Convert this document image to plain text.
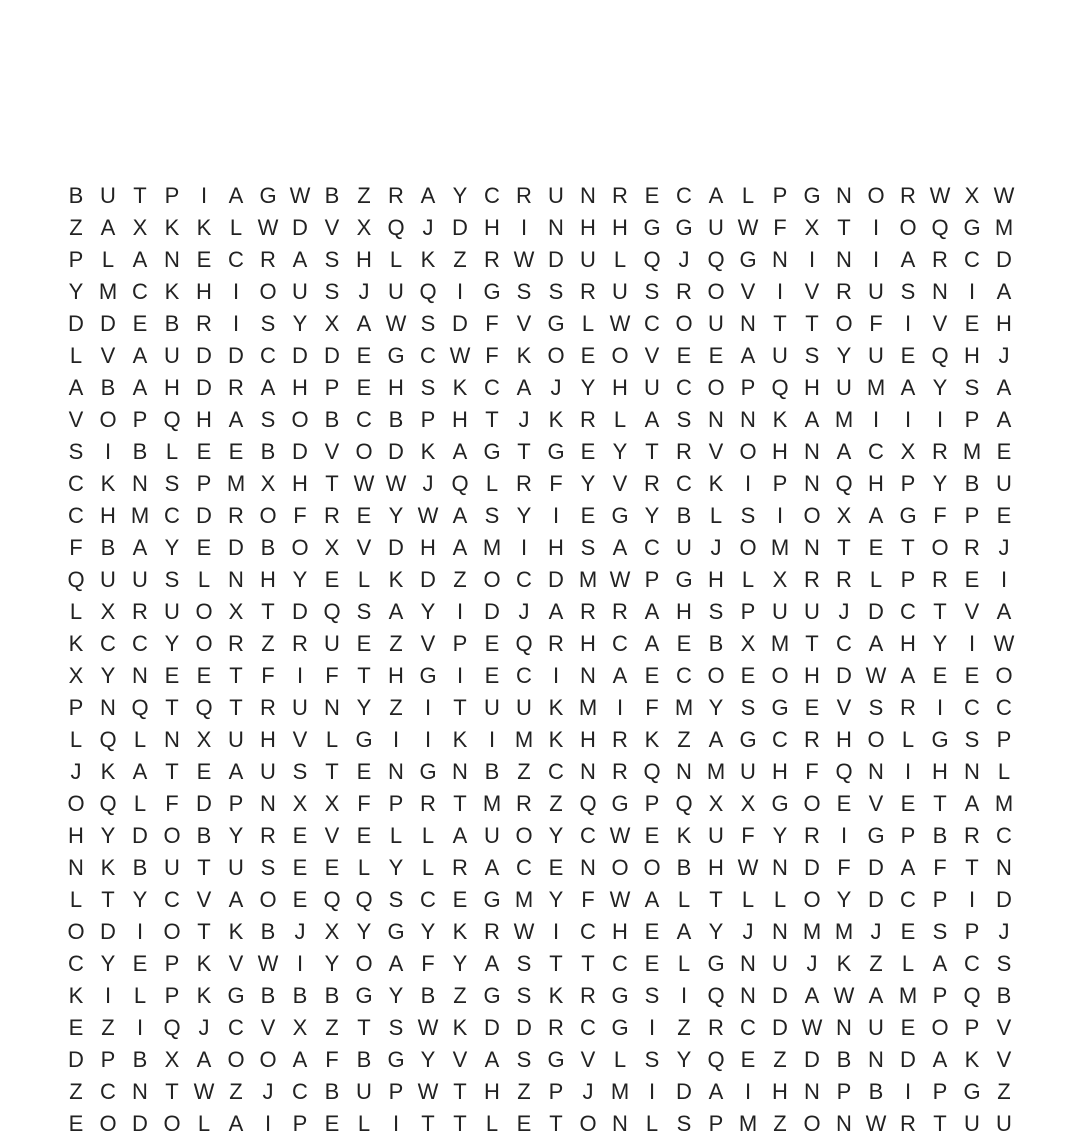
B U T P I A G W B Z R A Y C R U N R E C A L P G N O R W X W
Z A X K K L W D V X Q J D H I N H H G G U W F X T	I O Q G M
P L A N E C R A S H L K Z R W D U L Q J Q G N I N I A R C D
Y M C K H I O U S J U Q I G S S R U S R O V I V R U S N I A
D D E B R I S Y X A W S D F V G L W C O U N T T O F	I V E H
L V A U D D C D D E G C W F K O E O V E E A U S Y U E Q H J
A B A H D R A H P E H S K C A J Y H U C O P Q H U M A Y S A
V O P Q H A S O B C B P H T J K R L A S N N K A M I	I	I P A
S I B L E E B D V O D K A G T G E Y T R V O H N A C X R M E
C K N S P M X H T W W J Q L R F Y V R C K I P N Q H P Y B U
C H M C D R O F R E Y W A S Y I E G Y B L S I O X A G F P E
F B A Y E D B O X V D H A M I H S A C U J O M N T E T O R J
Q U U S L N H Y E L K D Z O C D M W P G H L X R R L P R E I
L X R U O X T D Q S A Y I D J A R R A H S P U U J D C T V A
K C C Y O R Z R U E Z V P E Q R H C A E B X M T C A H Y I W
X Y N E E T F	I	F T H G I E C I N A E C O E O H D W A E E O
P N Q T Q T R U N Y Z	I	T U U K M I	F M Y S G E V S R I C C
L Q L N X U H V L G I	I K I M K H R K Z A G C R H O L G S P
J K A T E A U S T E N G N B Z C N R Q N M U H F Q N I H N L
O Q L F D P N X X F P R T M R Z Q G P Q X X G O E V E T A M
H Y D O B Y R E V E L L A U O Y C W E K U F Y R I G P B R C
N K B U T U S E E L Y L R A C E N O O B H W N D F D A F T N
L T Y C V A O E Q Q S C E G M Y F W A L T L L O Y D C P I D
O D I O T K B J X Y G Y K R W I C H E A Y J N M M J E S P J
C Y E P K V W I Y O A F Y A S T T C E L G N U J K Z L A C S
K I	L P K G B B B G Y B Z G S K R G S I Q N D A W A M P Q B
E Z	I Q J C V X Z T S W K D D R C G I	Z R C D W N U E O P V
D P B X A O O A F B G Y V A S G V L S Y Q E Z D B N D A K V
Z C N T W Z J C B U P W T H Z P J M I D A I H N P B I P G Z
E O D O L A I P E L	I	T T L E T O N L S P M Z O N W R T U U
